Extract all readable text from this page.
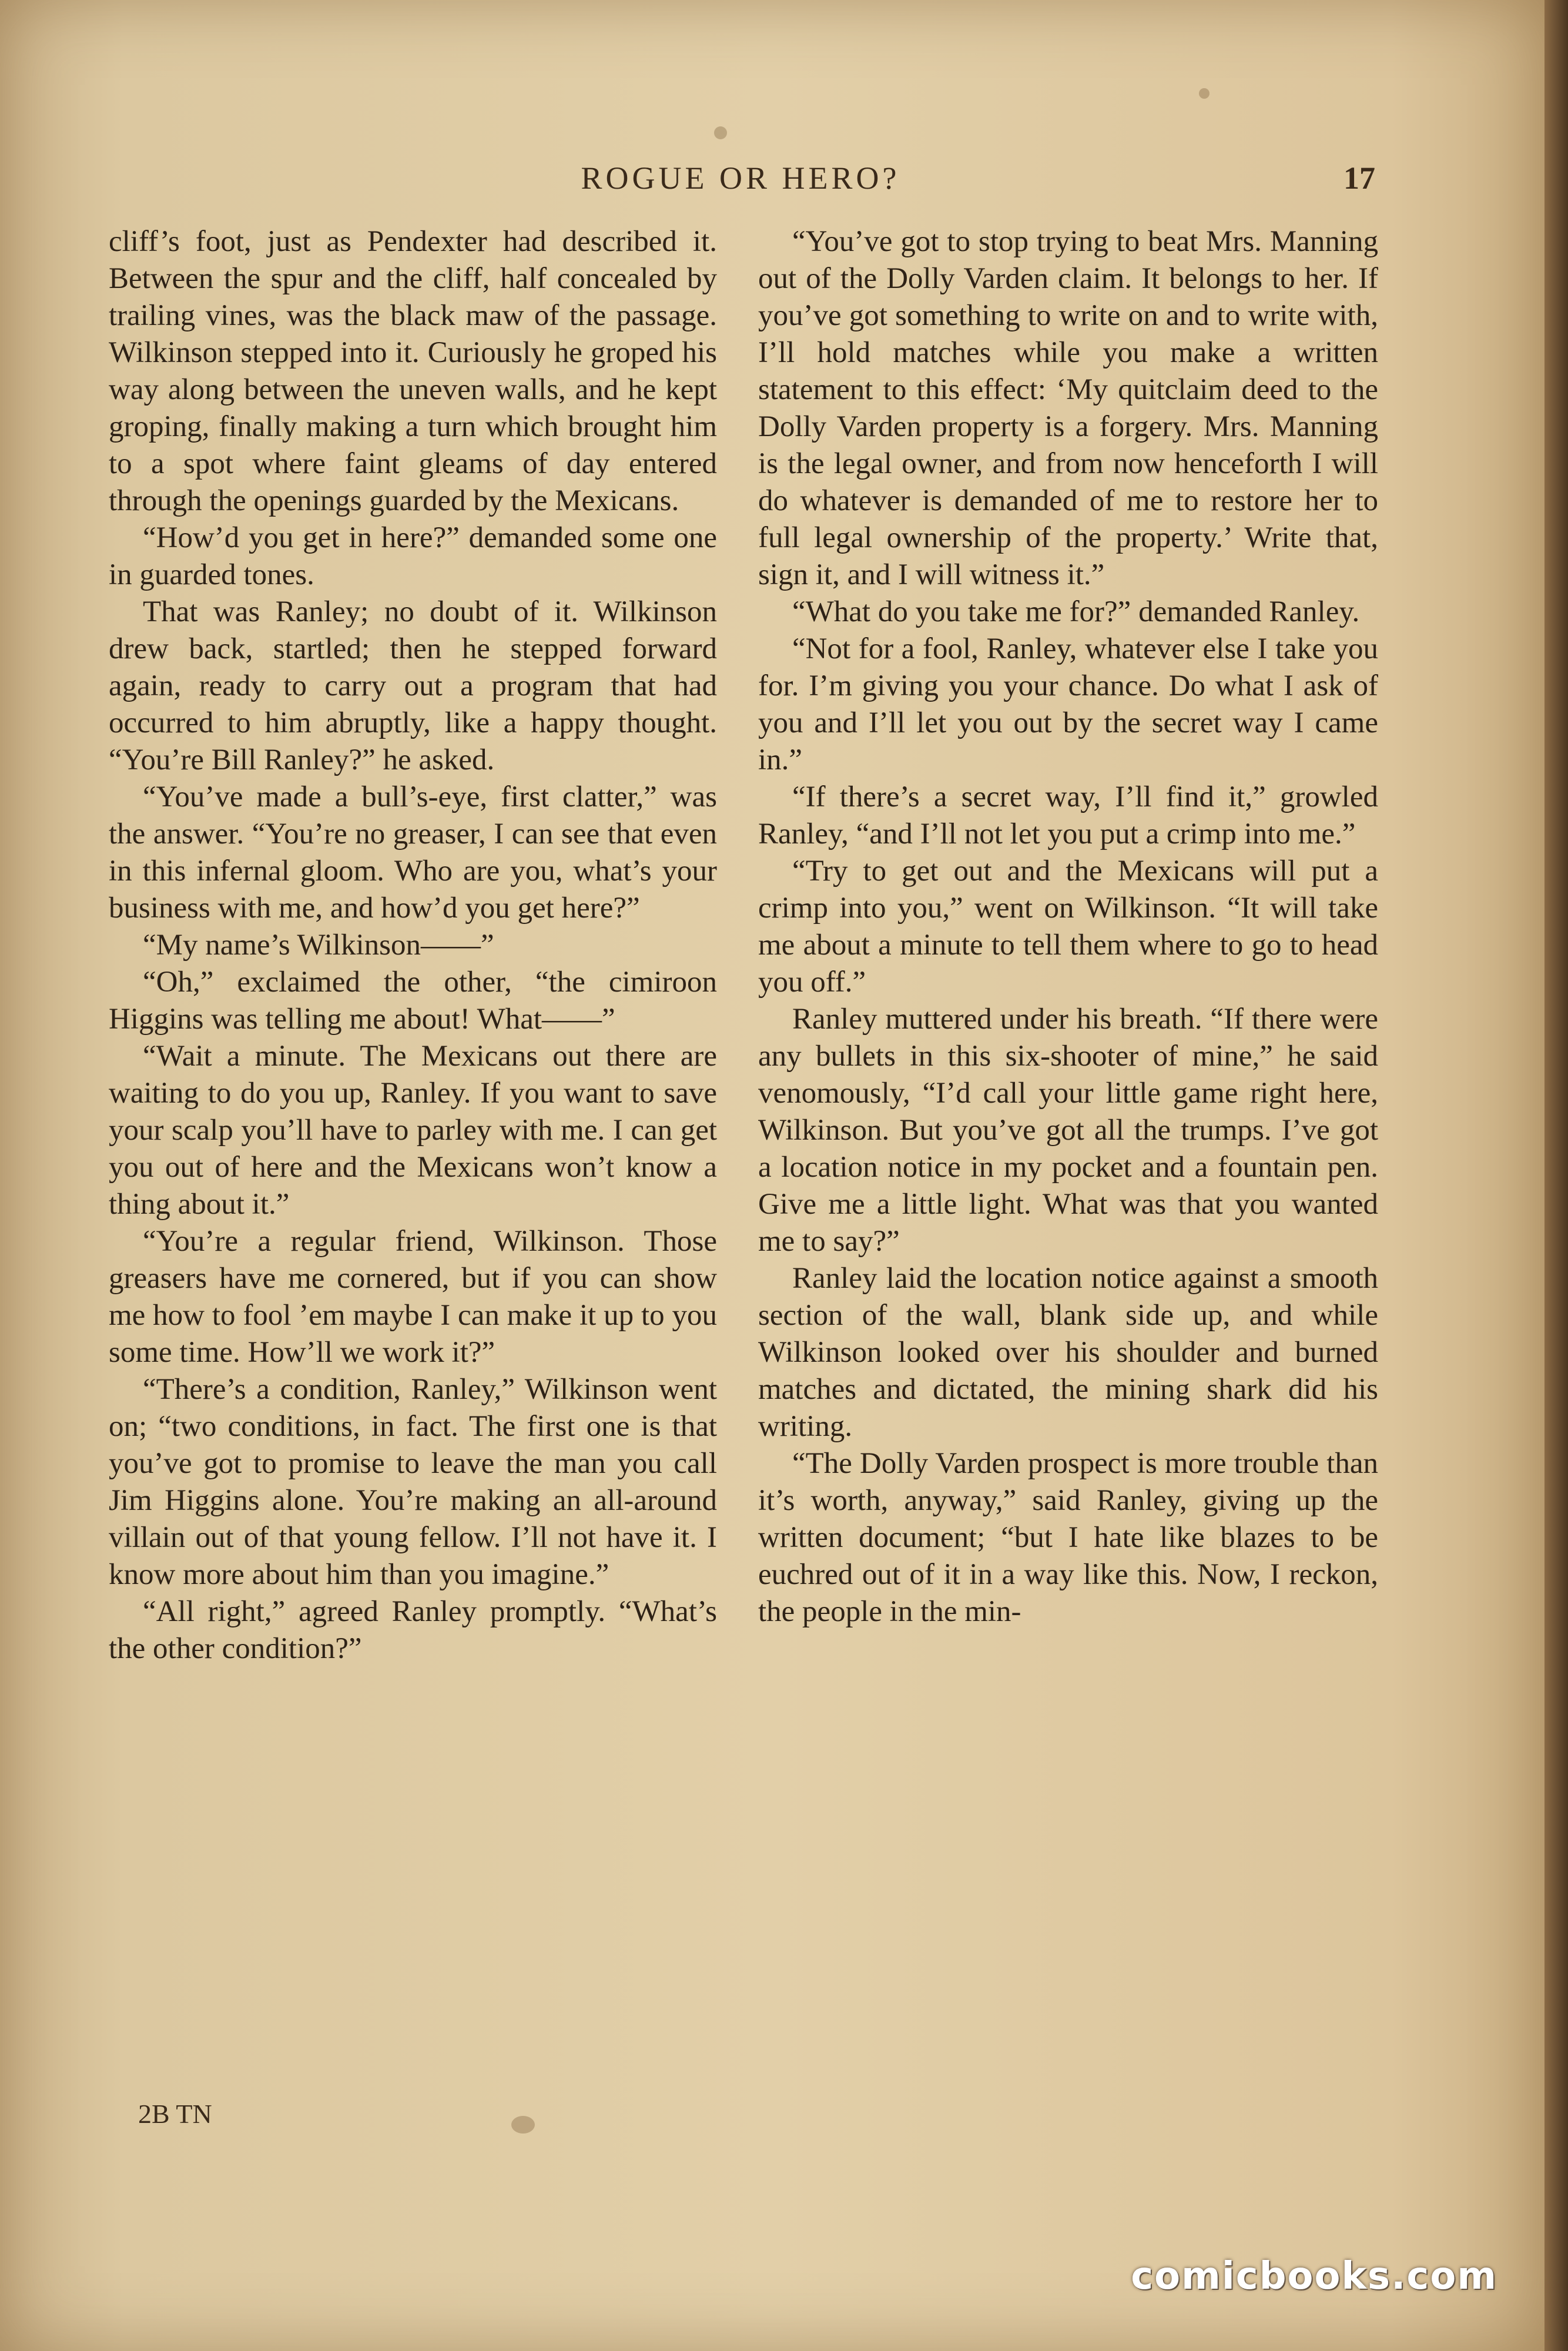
ROGUE OR HERO?	17

cliff’s foot, just as Pendexter had described it. Between the spur and the cliff, half concealed by trailing vines, was the black maw of the passage. Wilkinson stepped into it. Curiously he groped his way along between the uneven walls, and he kept groping, finally making a turn which brought him to a spot where faint gleams of day entered through the openings guarded by the Mexicans.

“How’d you get in here?” demanded some one in guarded tones.

That was Ranley; no doubt of it. Wilkinson drew back, startled; then he stepped forward again, ready to carry out a program that had occurred to him abruptly, like a happy thought. “You’re Bill Ranley?” he asked.

“You’ve made a bull’s-eye, first clatter,” was the answer. “You’re no greaser, I can see that even in this infernal gloom. Who are you, what’s your business with me, and how’d you get here?”

“My name’s Wilkinson——”

“Oh,” exclaimed the other, “the cimiroon Higgins was telling me about! What——”

“Wait a minute. The Mexicans out there are waiting to do you up, Ranley. If you want to save your scalp you’ll have to parley with me. I can get you out of here and the Mexicans won’t know a thing about it.”

“You’re a regular friend, Wilkinson. Those greasers have me cornered, but if you can show me how to fool ’em maybe I can make it up to you some time. How’ll we work it?”

“There’s a condition, Ranley,” Wilkinson went on; “two conditions, in fact. The first one is that you’ve got to promise to leave the man you call Jim Higgins alone. You’re making an all-around villain out of that young fellow. I’ll not have it. I know more about him than you imagine.”

“All right,” agreed Ranley promptly. “What’s the other condition?”

“You’ve got to stop trying to beat Mrs. Manning out of the Dolly Varden claim. It belongs to her. If you’ve got something to write on and to write with, I’ll hold matches while you make a written statement to this effect: ‘My quitclaim deed to the Dolly Varden property is a forgery. Mrs. Manning is the legal owner, and from now henceforth I will do whatever is demanded of me to restore her to full legal ownership of the property.’ Write that, sign it, and I will witness it.”

“What do you take me for?” demanded Ranley.

“Not for a fool, Ranley, whatever else I take you for. I’m giving you your chance. Do what I ask of you and I’ll let you out by the secret way I came in.”

“If there’s a secret way, I’ll find it,” growled Ranley, “and I’ll not let you put a crimp into me.”

“Try to get out and the Mexicans will put a crimp into you,” went on Wilkinson. “It will take me about a minute to tell them where to go to head you off.”

Ranley muttered under his breath. “If there were any bullets in this six-shooter of mine,” he said venomously, “I’d call your little game right here, Wilkinson. But you’ve got all the trumps. I’ve got a location notice in my pocket and a fountain pen. Give me a little light. What was that you wanted me to say?”

Ranley laid the location notice against a smooth section of the wall, blank side up, and while Wilkinson looked over his shoulder and burned matches and dictated, the mining shark did his writing.

“The Dolly Varden prospect is more trouble than it’s worth, anyway,” said Ranley, giving up the written document; “but I hate like blazes to be euchred out of it in a way like this. Now, I reckon, the people in the min-

2B TN
comicbooks.com
